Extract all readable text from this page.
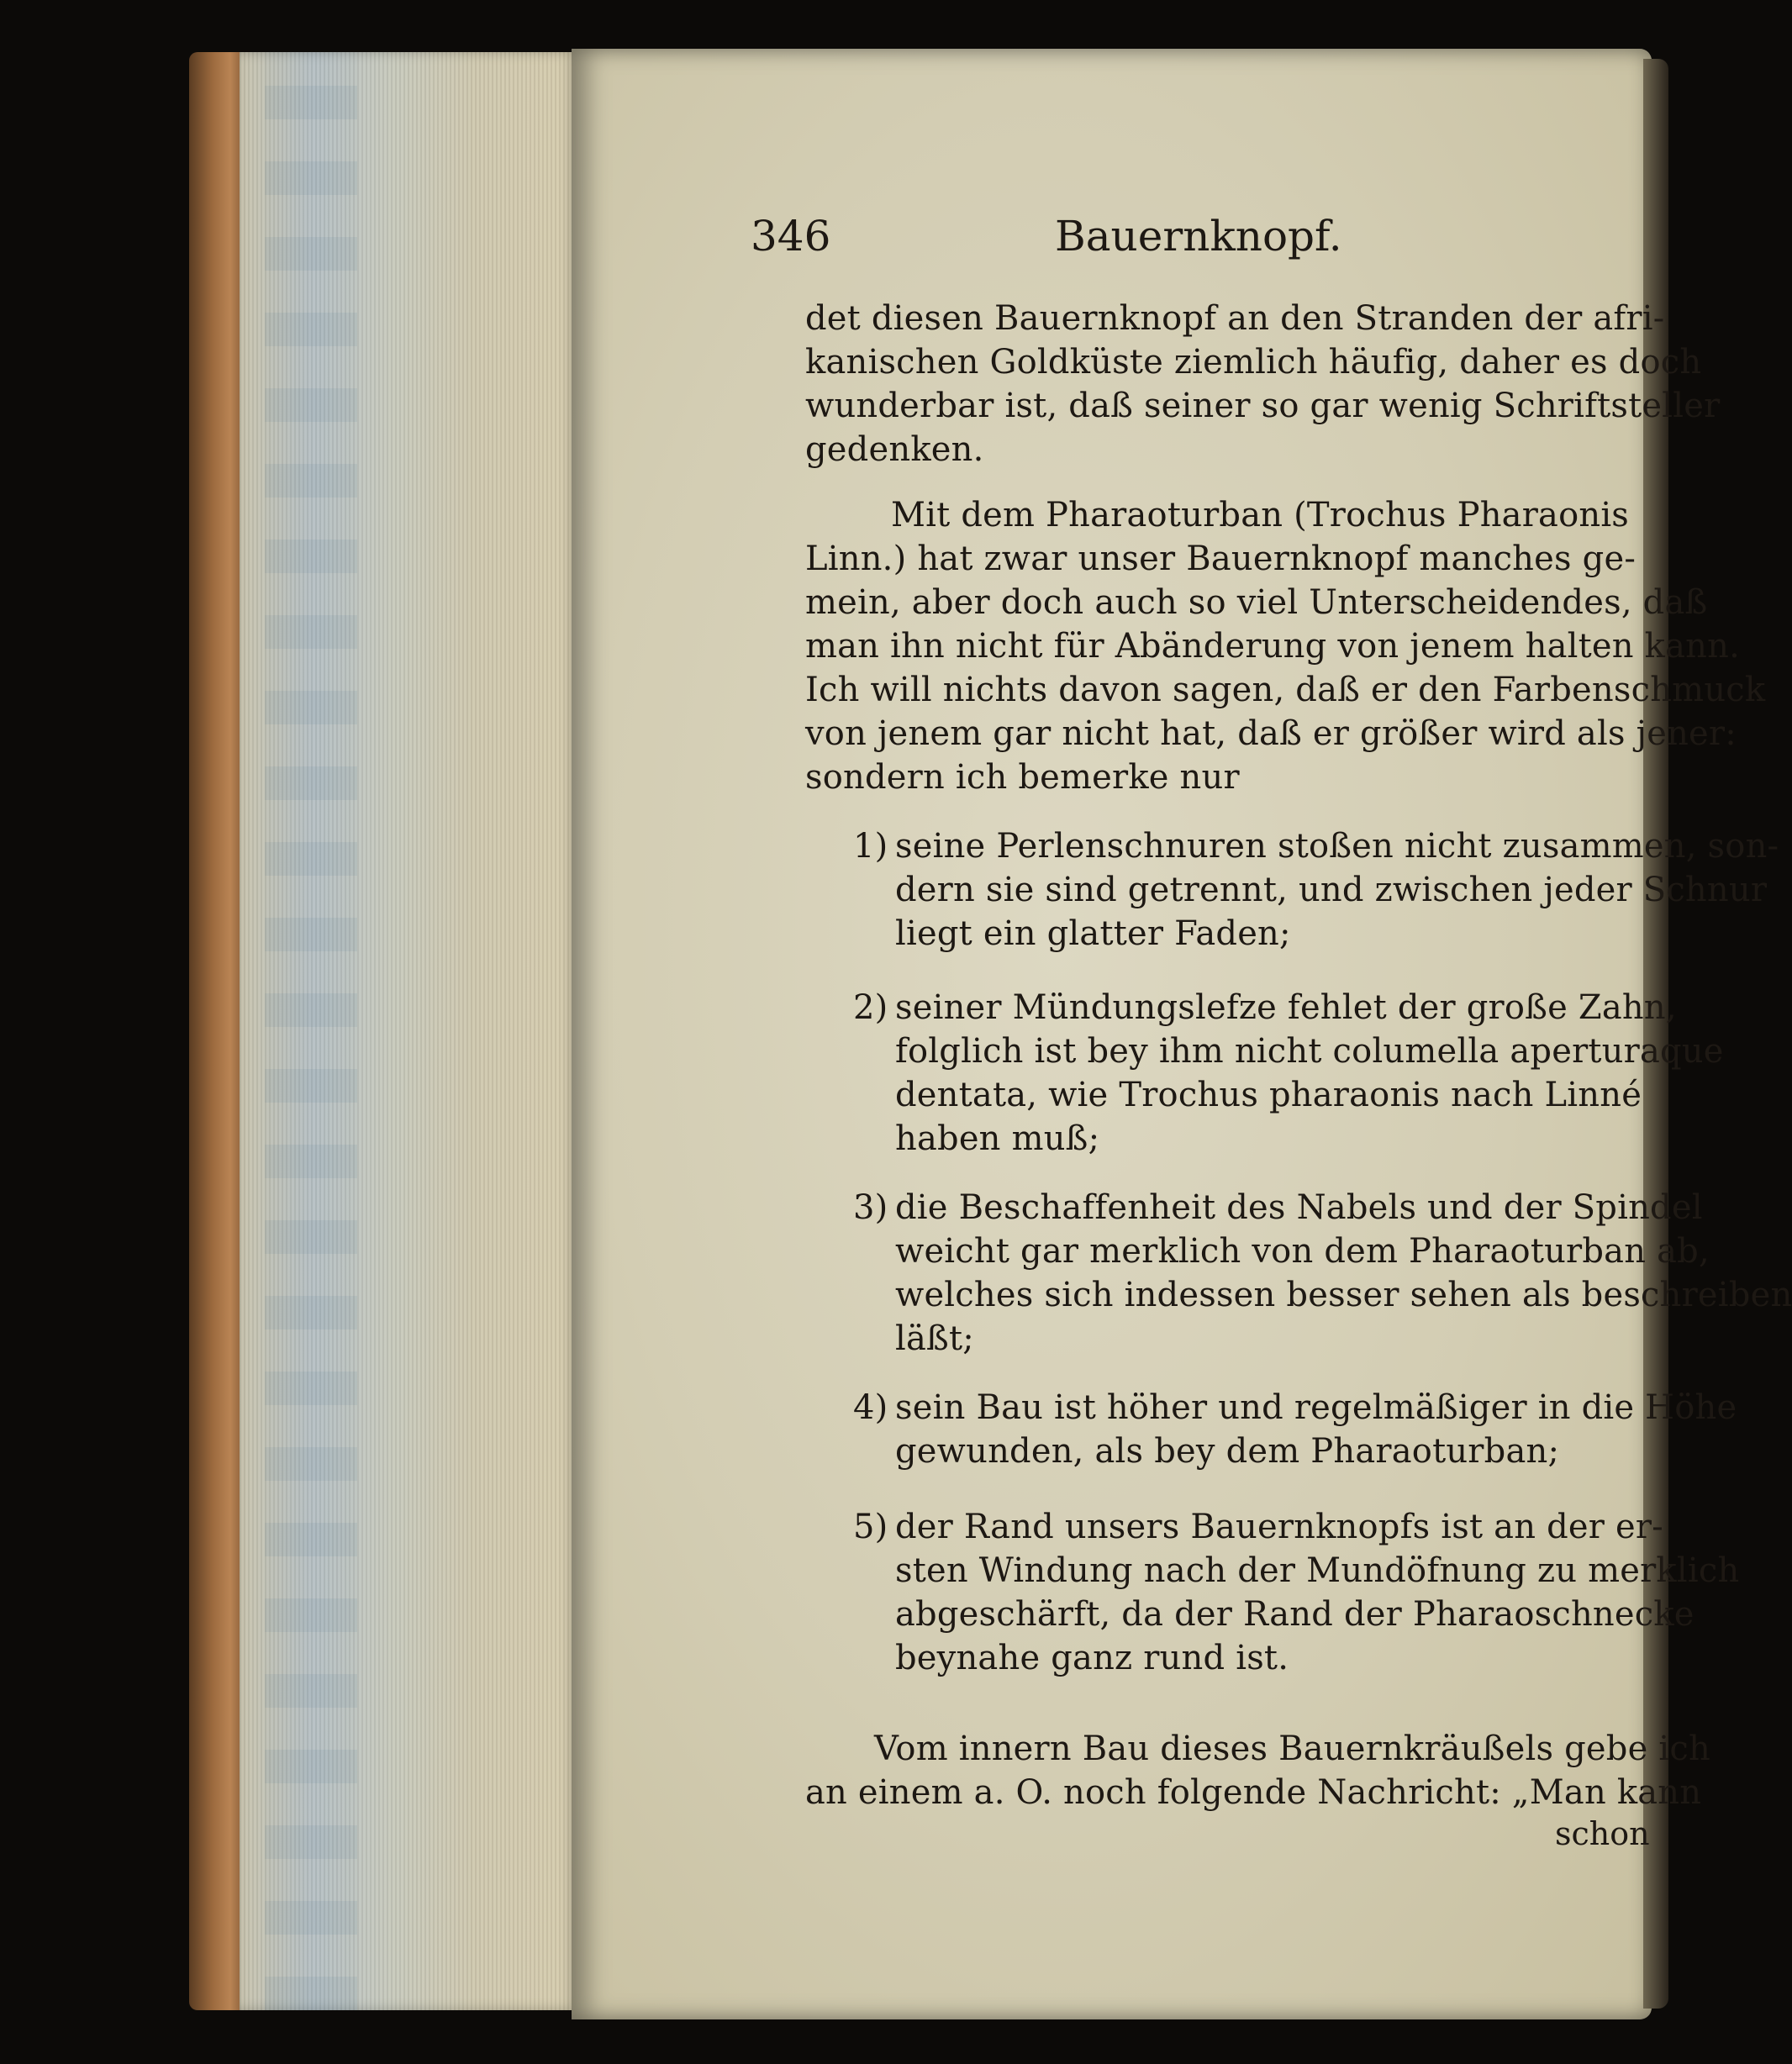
346	Bauernknopf.
det diesen Bauernknopf an den Stranden der afri-
kanischen Goldküste ziemlich häufig, daher es doch
wunderbar ist, daß seiner so gar wenig Schriftsteller
gedenken.
Mit dem Pharaoturban (Trochus Pharaonis
Linn.) hat zwar unser Bauernknopf manches ge-
mein, aber doch auch so viel Unterscheidendes, daß
man ihn nicht für Abänderung von jenem halten kann.
Ich will nichts davon sagen, daß er den Farbenschmuck
von jenem gar nicht hat, daß er größer wird als jener:
sondern ich bemerke nur
1) seine Perlenschnuren stoßen nicht zusammen, son-
dern sie sind getrennt, und zwischen jeder Schnur
liegt ein glatter Faden;
2) seiner Mündungslefze fehlet der große Zahn,
folglich ist bey ihm nicht columella aperturaque
dentata, wie Trochus pharaonis nach Linné
haben muß;
3) die Beschaffenheit des Nabels und der Spindel
weicht gar merklich von dem Pharaoturban ab,
welches sich indessen besser sehen als beschreiben
läßt;
4) sein Bau ist höher und regelmäßiger in die Höhe
gewunden, als bey dem Pharaoturban;
5) der Rand unsers Bauernknopfs ist an der er-
sten Windung nach der Mundöfnung zu merklich
abgeschärft, da der Rand der Pharaoschnecke
beynahe ganz rund ist.
Vom innern Bau dieses Bauernkräußels gebe ich
an einem a. O. noch folgende Nachricht: „Man kann
schon
